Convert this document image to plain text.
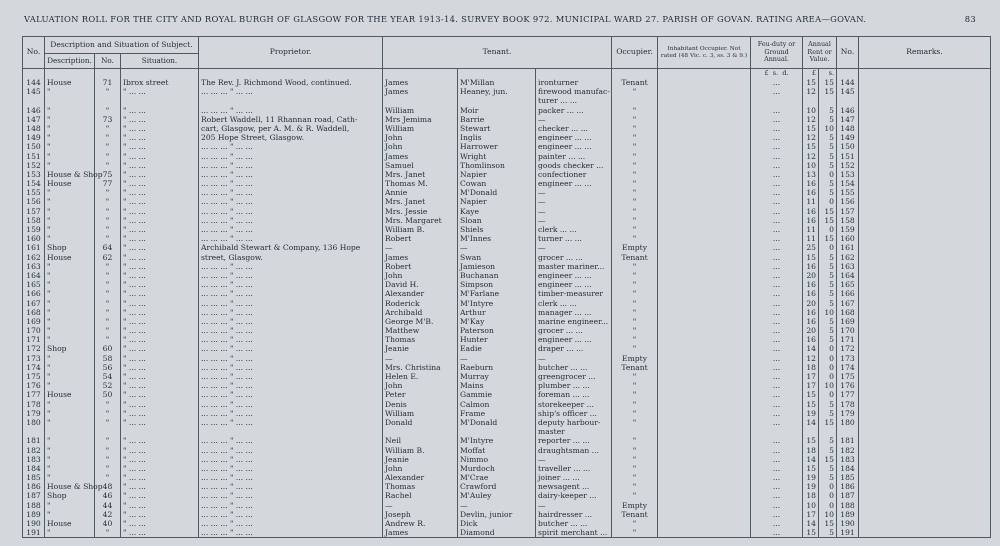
VALUATION ROLL FOR THE CITY AND ROYAL BURGH OF GLASGOW FOR THE YEAR 1913-14. SURVEY BOOK 972. MUNICIPAL WARD 27. PARISH OF GOVAN. RATING AREA—GOVAN.	83
No.	Description and Situation of Subject.			Proprietor.	Tenant.			Occupier.	Inhabitant Occupier. Not rated (48 Vic. c. 3, ss. 3 & 9.)	Feu-duty or Ground Annual.	Annual Rent or Value.		No.	Remarks.
	Description.	No.	Situation.											
										£ s. d.	£	s.		
144	House	71	Ibrox street	The Rev. J. Richmond Wood, continued.	James	M'Millan	ironturner	Tenant		...	15	15	144	
145	"	"	" ... ...	... ... ... " ... ...	James	Heaney, jun.	firewood manufac-	"		...	12	15	145	
							turer ... ...							
146	"	"	" ... ...	... ... ... " ... ...	William	Moir	packer ... ...	"		...	10	5	146	
147	"	73	" ... ...	Robert Waddell, 11 Rhannan road, Cath-	Mrs Jemima	Barrie	—	"		...	12	5	147	
148	"	"	" ... ...	cart, Glasgow, per A. M. & R. Waddell,	William	Stewart	checker ... ...	"		...	15	10	148	
149	"	"	" ... ...	205 Hope Street, Glasgow.	John	Inglis	engineer ... ...	"		...	12	5	149	
150	"	"	" ... ...	... ... ... " ... ...	John	Harrower	engineer ... ...	"		...	15	5	150	
151	"	"	" ... ...	... ... ... " ... ...	James	Wright	painter ... ...	"		...	12	5	151	
152	"	"	" ... ...	... ... ... " ... ...	Samuel	Thomlinson	goods checker ...	"		...	10	5	152	
153	House & Shop	75	" ... ...	... ... ... " ... ...	Mrs. Janet	Napier	confectioner	"		...	13	0	153	
154	House	77	" ... ...	... ... ... " ... ...	Thomas M.	Cowan	engineer ... ...	"		...	16	5	154	
155	"	"	" ... ...	... ... ... " ... ...	Annie	M'Donald	—	"		...	16	5	155	
156	"	"	" ... ...	... ... ... " ... ...	Mrs. Janet	Napier	—	"		...	11	0	156	
157	"	"	" ... ...	... ... ... " ... ...	Mrs. Jessie	Kaye	—	"		...	16	15	157	
158	"	"	" ... ...	... ... ... " ... ...	Mrs. Margaret	Sloan	—	"		...	16	15	158	
159	"	"	" ... ...	... ... ... " ... ...	William B.	Shiels	clerk ... ...	"		...	11	0	159	
160	"	"	" ... ...	... ... ... " ... ...	Robert	M'Innes	turner ... ...	"		...	11	15	160	
161	Shop	64	" ... ...	Archibald Stewart & Company, 136 Hope	—	—	—	Empty		...	25	0	161	
162	House	62	" ... ...	street, Glasgow.	James	Swan	grocer ... ...	Tenant		...	15	5	162	
163	"	"	" ... ...	... ... ... " ... ...	Robert	Jamieson	master mariner...	"		...	16	5	163	
164	"	"	" ... ...	... ... ... " ... ...	John	Buchanan	engineer ... ...	"		...	20	5	164	
165	"	"	" ... ...	... ... ... " ... ...	David H.	Simpson	engineer ... ...	"		...	16	5	165	
166	"	"	" ... ...	... ... ... " ... ...	Alexander	M'Farlane	timber-measurer	"		...	16	5	166	
167	"	"	" ... ...	... ... ... " ... ...	Roderick	M'Intyre	clerk ... ...	"		...	20	5	167	
168	"	"	" ... ...	... ... ... " ... ...	Archibald	Arthur	manager ... ...	"		...	16	10	168	
169	"	"	" ... ...	... ... ... " ... ...	George M'B.	M'Kay	marine engineer...	"		...	16	5	169	
170	"	"	" ... ...	... ... ... " ... ...	Matthew	Paterson	grocer ... ...	"		...	20	5	170	
171	"	"	" ... ...	... ... ... " ... ...	Thomas	Hunter	engineer ... ...	"		...	16	5	171	
172	Shop	60	" ... ...	... ... ... " ... ...	Jeanie	Eadie	draper ... ...	"		...	14	0	172	
173	"	58	" ... ...	... ... ... " ... ...	—	—	—	Empty		...	12	0	173	
174	"	56	" ... ...	... ... ... " ... ...	Mrs. Christina	Raeburn	butcher ... ...	Tenant		...	18	0	174	
175	"	54	" ... ...	... ... ... " ... ...	Helen E.	Murray	greengrocer ...	"		...	17	0	175	
176	"	52	" ... ...	... ... ... " ... ...	John	Mains	plumber ... ...	"		...	17	10	176	
177	House	50	" ... ...	... ... ... " ... ...	Peter	Gammie	foreman ... ...	"		...	15	0	177	
178	"	"	" ... ...	... ... ... " ... ...	Denis	Calmon	storekeeper ...	"		...	15	5	178	
179	"	"	" ... ...	... ... ... " ... ...	William	Frame	ship's officer ...	"		...	19	5	179	
180	"	"	" ... ...	... ... ... " ... ...	Donald	M'Donald	deputy harbour-	"		...	14	15	180	
							master							
181	"	"	" ... ...	... ... ... " ... ...	Neil	M'Intyre	reporter ... ...	"		...	15	5	181	
182	"	"	" ... ...	... ... ... " ... ...	William B.	Moffat	draughtsman ...	"		...	18	5	182	
183	"	"	" ... ...	... ... ... " ... ...	Jeanie	Nimmo	—	"		...	14	15	183	
184	"	"	" ... ...	... ... ... " ... ...	John	Murdoch	traveller ... ...	"		...	15	5	184	
185	"	"	" ... ...	... ... ... " ... ...	Alexander	M'Crae	joiner ... ...	"		...	19	5	185	
186	House & Shop	48	" ... ...	... ... ... " ... ...	Thomas	Crawford	newsagent ...	"		...	19	0	186	
187	Shop	46	" ... ...	... ... ... " ... ...	Rachel	M'Auley	dairy-keeper ...	"		...	18	0	187	
188	"	44	" ... ...	... ... ... " ... ...	—	—	—	Empty		...	10	0	188	
189	"	42	" ... ...	... ... ... " ... ...	Joseph	Devlin, junior	hairdresser ...	Tenant		...	17	10	189	
190	House	40	" ... ...	... ... ... " ... ...	Andrew R.	Dick	butcher ... ...	"		...	14	15	190	
191	"	"	" ... ...	... ... ... " ... ...	James	Diamond	spirit merchant ...	"		...	15	5	191	
